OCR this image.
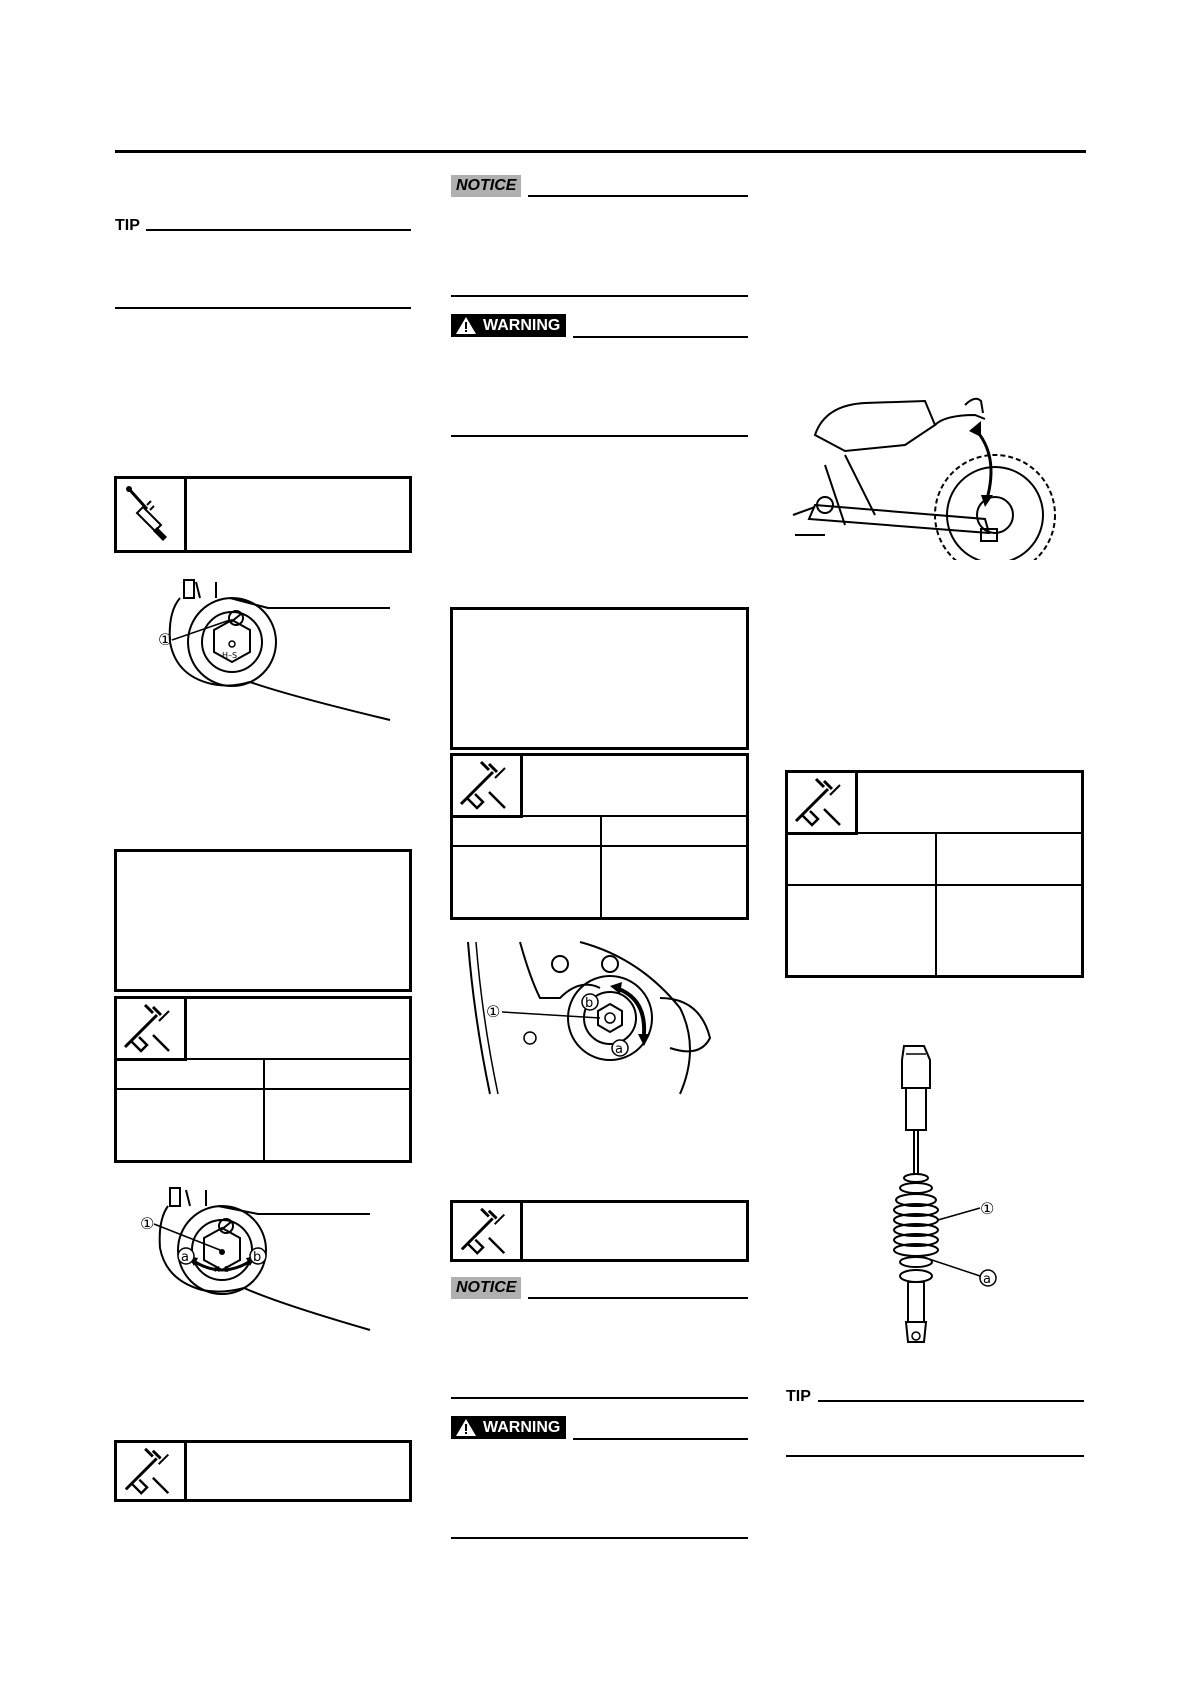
TIP
①
H–S
①
a	b
H–S
NOTICE
WARNING
①	b
a
NOTICE
WARNING
①
a
TIP
